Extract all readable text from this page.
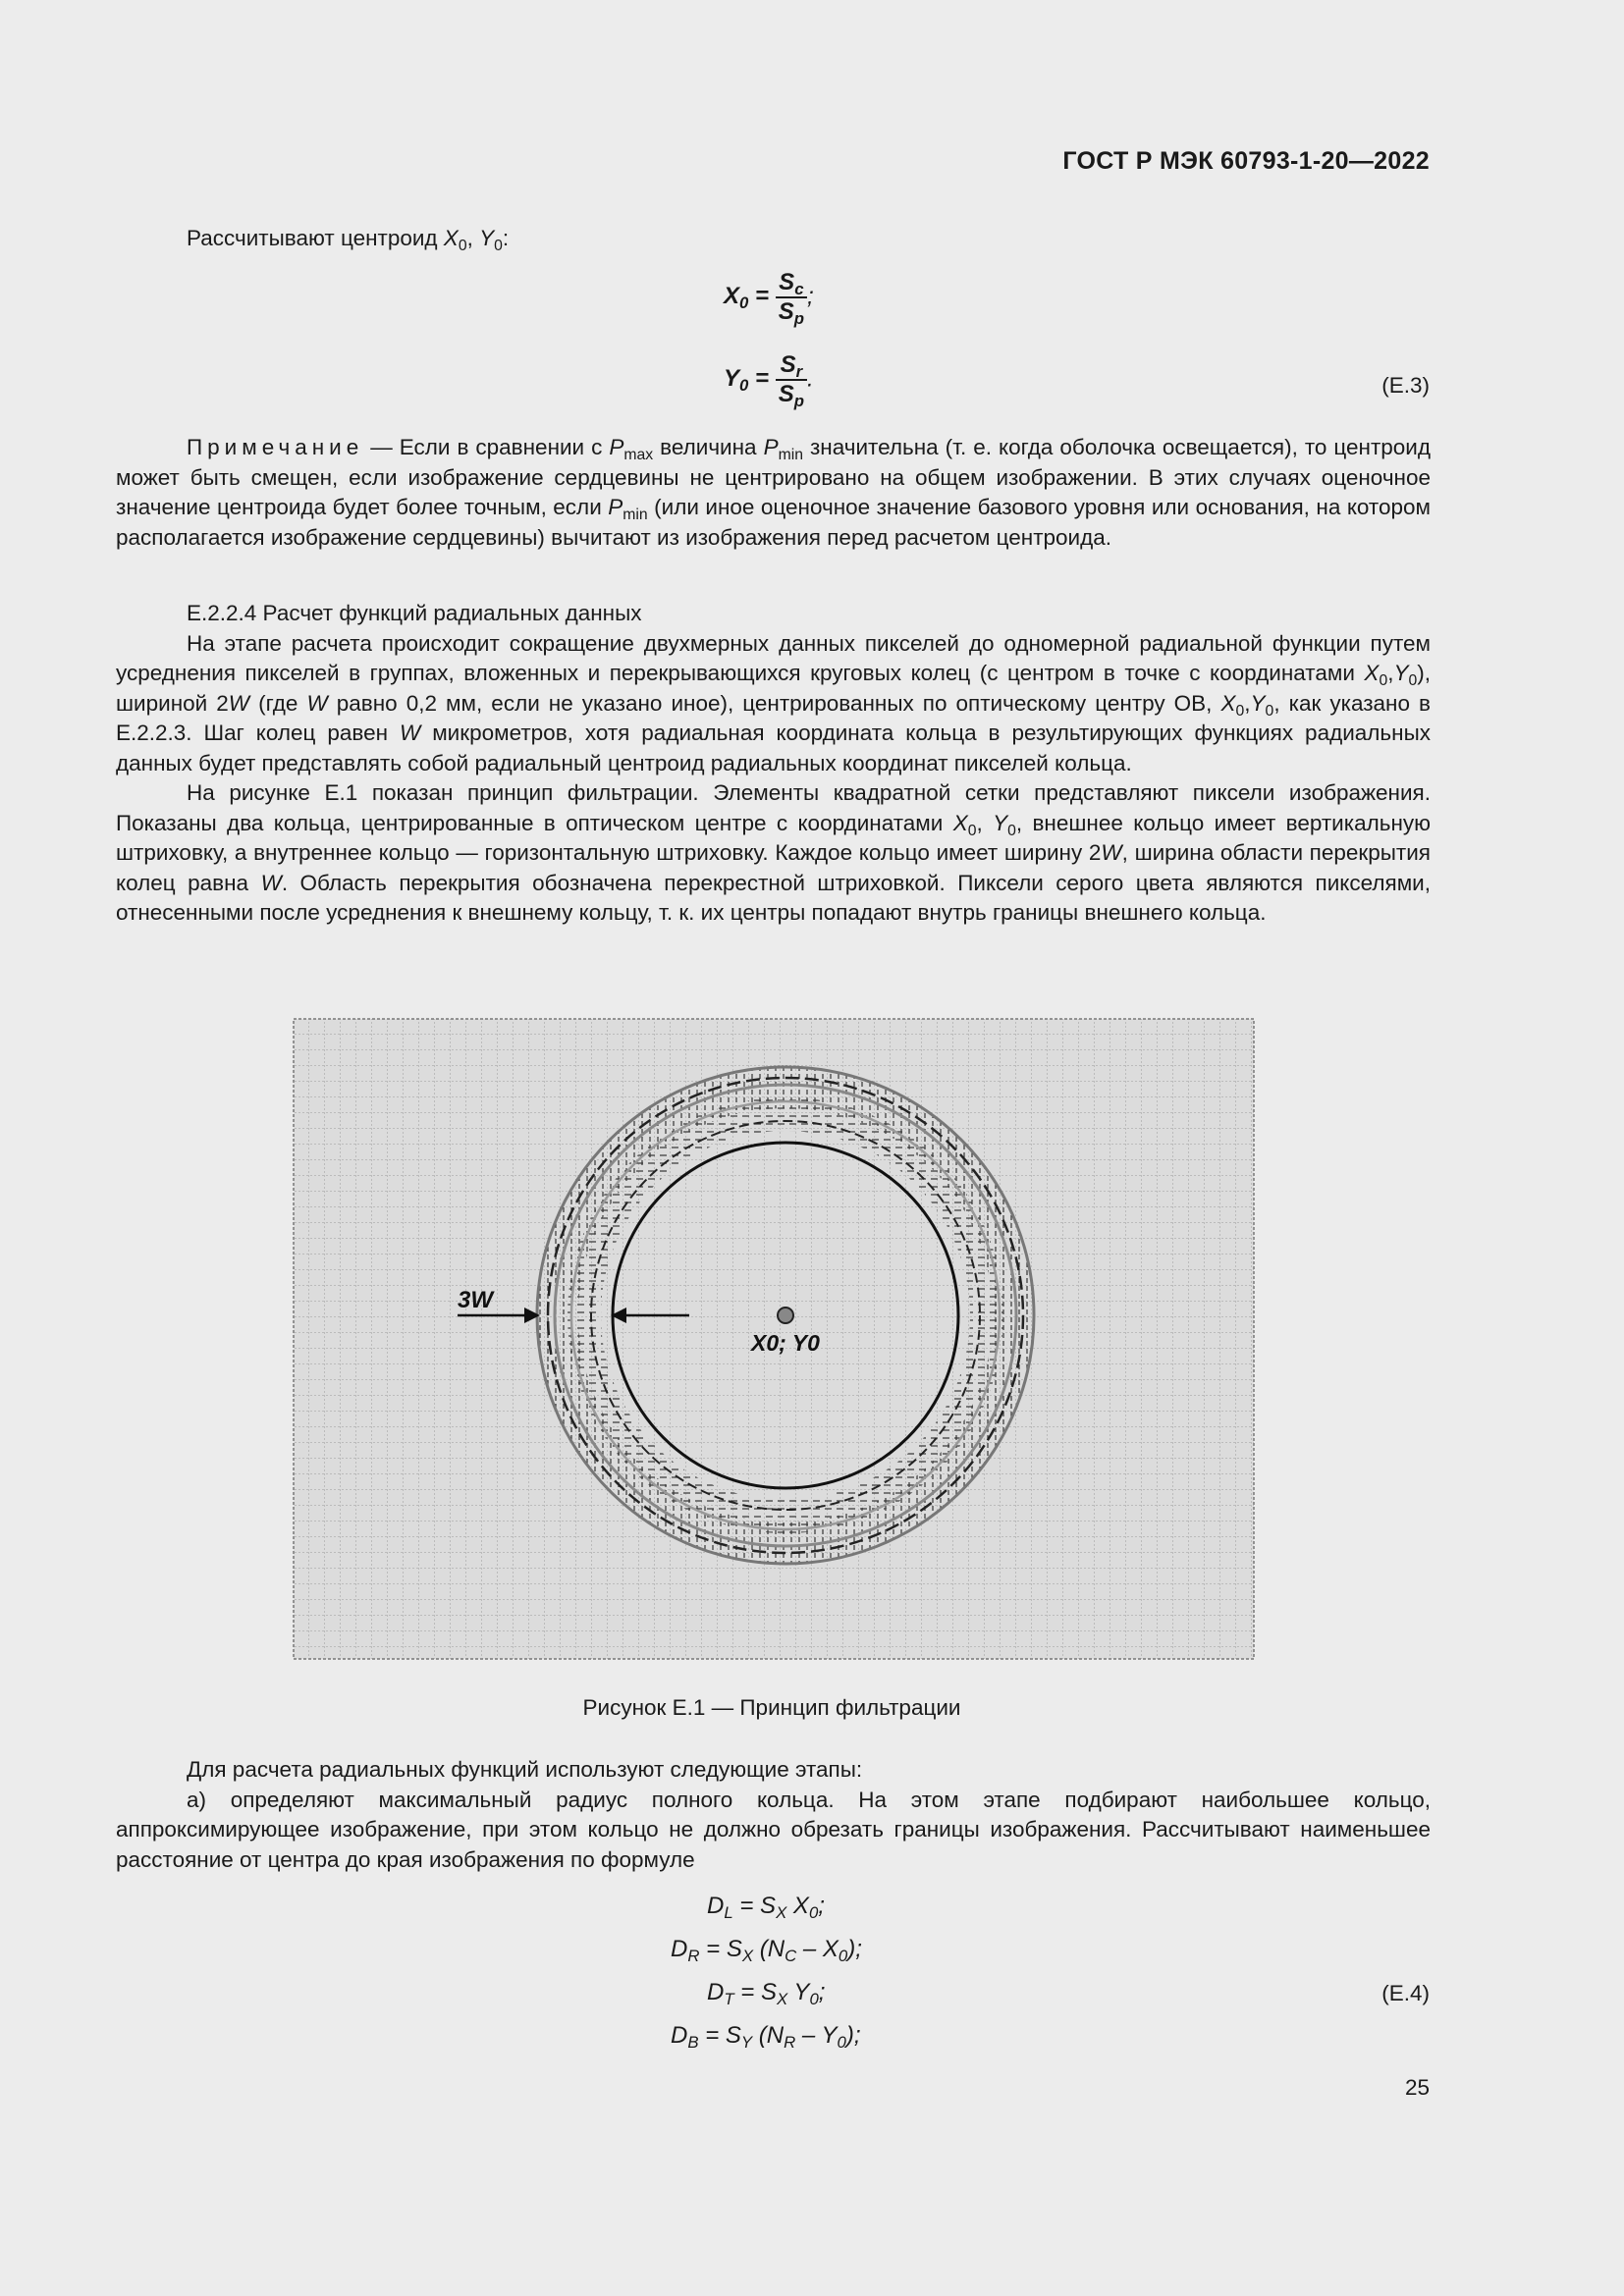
ГОСТ Р МЭК 60793-1-20—2022

Рассчитывают центроид $X_0$, $Y_0$:

$X_0 = \frac{S_c}{S_p}$ ;
$Y_0 = \frac{S_r}{S_p}$ .	(E.3)

Примечание — Если в сравнении с $P_{max}$ величина $P_{min}$ значительна (т. е. когда оболочка освещается), то центроид может быть смещен, если изображение сердцевины не центрировано на общем изображении. В этих случаях оценочное значение центроида будет более точным, если $P_{min}$ (или иное оценочное значение базового уровня или основания, на котором располагается изображение сердцевины) вычитают из изображения перед расчетом центроида.

E.2.2.4 Расчет функций радиальных данных

На этапе расчета происходит сокращение двухмерных данных пикселей до одномерной радиальной функции путем усреднения пикселей в группах, вложенных и перекрывающихся круговых колец (с центром в точке с координатами $X_0,Y_0$), шириной 2W (где W равно 0,2 мм, если не указано иное), центрированных по оптическому центру ОВ, $X_0,Y_0$, как указано в E.2.2.3. Шаг колец равен W микрометров, хотя радиальная координата кольца в результирующих функциях радиальных данных будет представлять собой радиальный центроид радиальных координат пикселей кольца.

На рисунке E.1 показан принцип фильтрации. Элементы квадратной сетки представляют пиксели изображения. Показаны два кольца, центрированные в оптическом центре с координатами $X_0$, $Y_0$, внешнее кольцо имеет вертикальную штриховку, а внутреннее кольцо — горизонтальную штриховку. Каждое кольцо имеет ширину 2W, ширина области перекрытия колец равна W. Область перекрытия обозначена перекрестной штриховкой. Пиксели серого цвета являются пикселями, отнесенными после усреднения к внешнему кольцу, т. к. их центры попадают внутрь границы внешнего кольца.

3W
X0; Y0
Рисунок E.1 — Принцип фильтрации

Для расчета радиальных функций используют следующие этапы:

а) определяют максимальный радиус полного кольца. На этом этапе подбирают наибольшее кольцо, аппроксимирующее изображение, при этом кольцо не должно обрезать границы изображения. Рассчитывают наименьшее расстояние от центра до края изображения по формуле

$D_L = S_X$ $X_0$;
$D_R = S_X$ $(N_C - X_0)$;
$D_T = S_X$ $Y_0$;
$D_B = S_Y$ $(N_R - Y_0)$;
(E.4)
25
